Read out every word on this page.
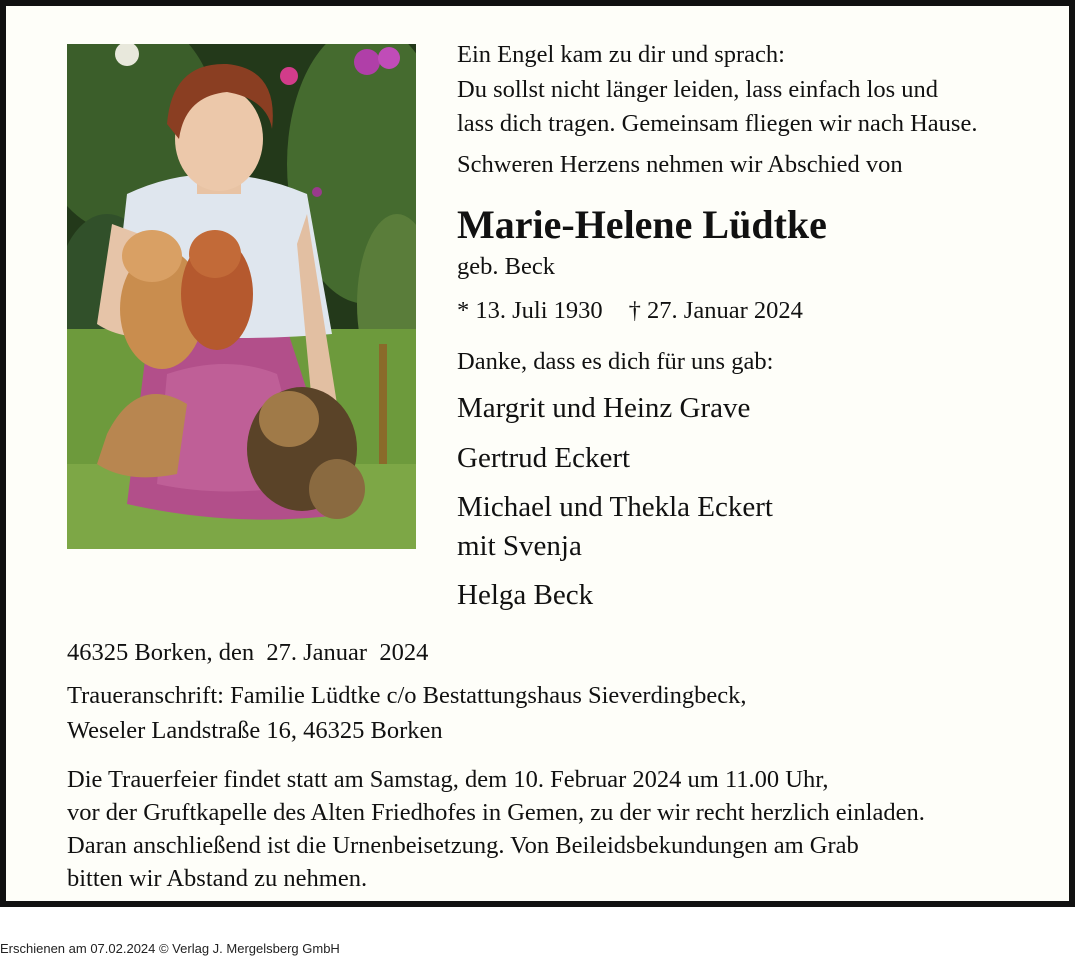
Ein Engel kam zu dir und sprach:
Du sollst nicht länger leiden, lass einfach los und
lass dich tragen. Gemeinsam fliegen wir nach Hause.

Schweren Herzens nehmen wir Abschied von

Marie-Helene Lüdtke

geb. Beck

* 13. Juli 1930 † 27. Januar 2024

Danke, dass es dich für uns gab:

Margrit und Heinz Grave
Gertrud Eckert
Michael und Thekla Eckert
mit Svenja
Helga Beck

46325 Borken, den  27. Januar  2024

Traueranschrift: Familie Lüdtke c/o Bestattungshaus Sieverdingbeck,
Weseler Landstraße 16, 46325 Borken

Die Trauerfeier findet statt am Samstag, dem 10. Februar 2024 um 11.00 Uhr,
vor der Gruftkapelle des Alten Friedhofes in Gemen, zu der wir recht herzlich einladen.
Daran anschließend ist die Urnenbeisetzung. Von Beileidsbekundungen am Grab
bitten wir Abstand zu nehmen.

Erschienen am 07.02.2024 © Verlag J. Mergelsberg GmbH
